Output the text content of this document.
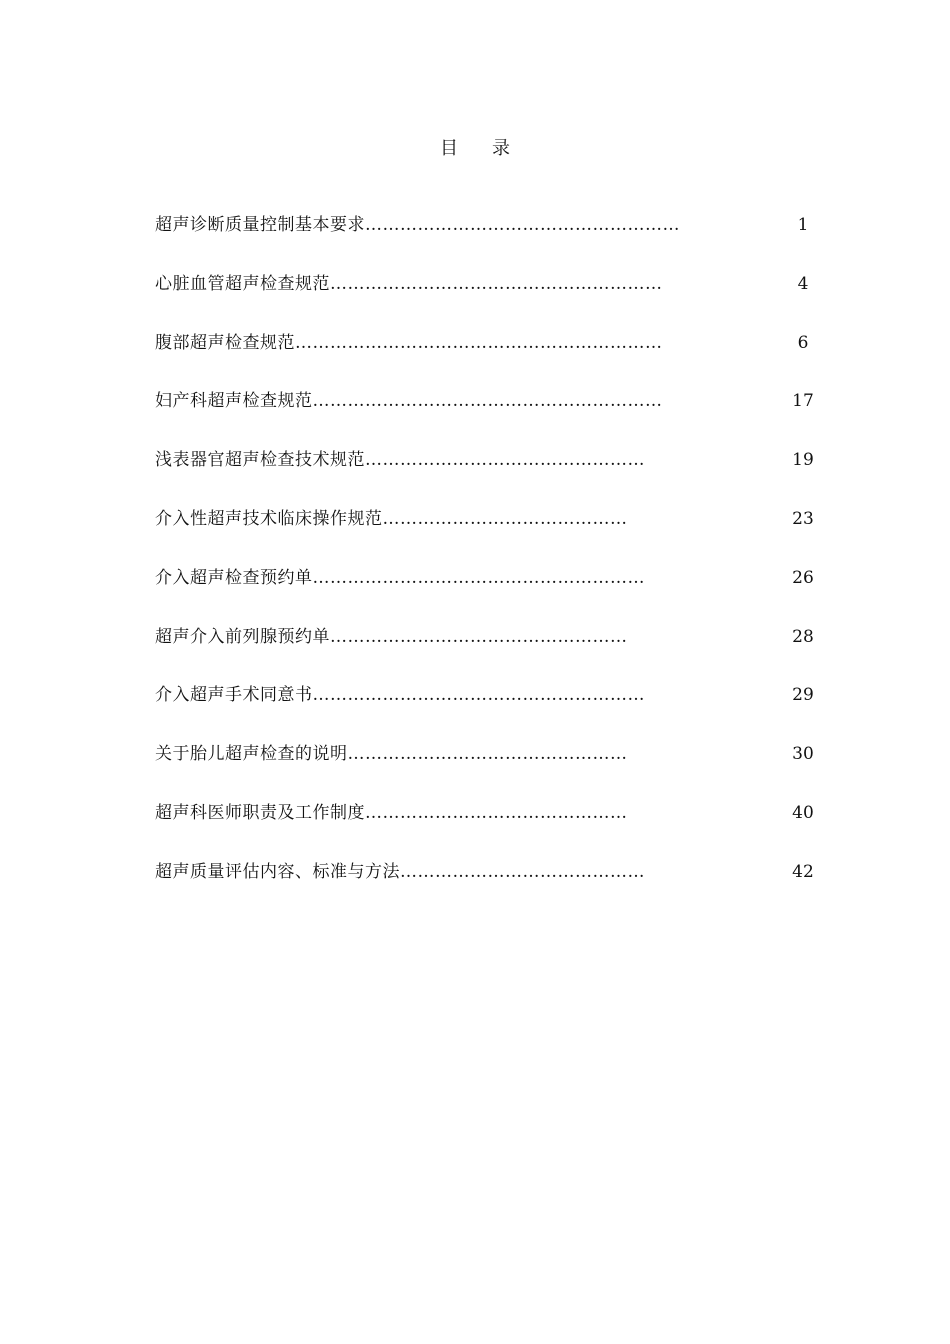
目录
超声诊断质量控制基本要求………………………………………………	1
心脏血管超声检查规范…………………………………………………	4
腹部超声检查规范………………………………………………………	6
妇产科超声检查规范……………………………………………………	17
浅表器官超声检查技术规范…………………………………………	19
介入性超声技术临床操作规范……………………………………	23
介入超声检查预约单…………………………………………………	26
超声介入前列腺预约单……………………………………………	28
介入超声手术同意书…………………………………………………	29
关于胎儿超声检查的说明…………………………………………	30
超声科医师职责及工作制度………………………………………	40
超声质量评估内容、标准与方法……………………………………	42
